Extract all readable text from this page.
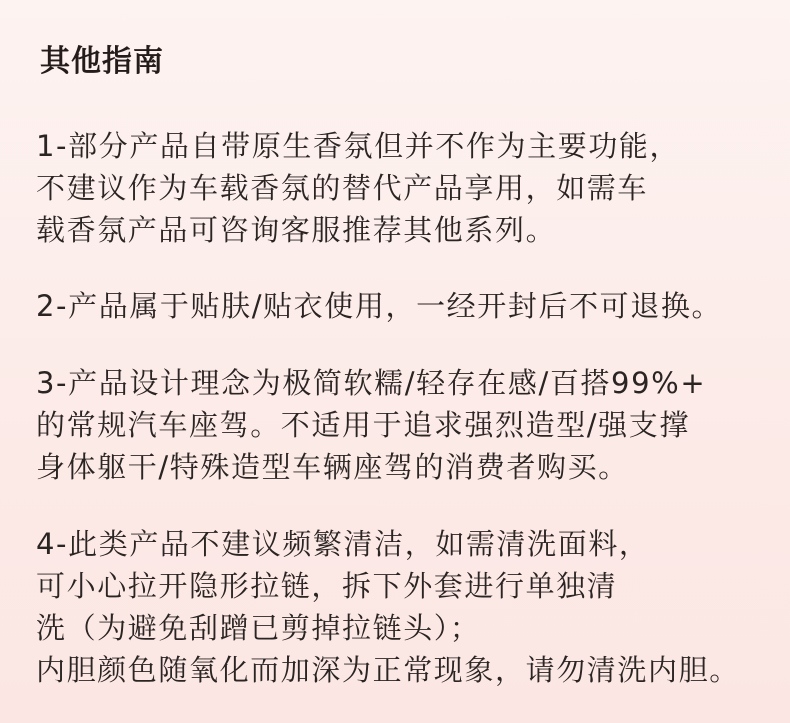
其他指南
1-部分产品自带原生香氛但并不作为主要功能，
不建议作为车载香氛的替代产品享用，如需车
载香氛产品可咨询客服推荐其他系列。
2-产品属于贴肤/贴衣使用，一经开封后不可退换。
3-产品设计理念为极简软糯/轻存在感/百搭99%+
的常规汽车座驾。不适用于追求强烈造型/强支撑
身体躯干/特殊造型车辆座驾的消费者购买。
4-此类产品不建议频繁清洁，如需清洗面料，
可小心拉开隐形拉链，拆下外套进行单独清
洗（为避免刮蹭已剪掉拉链头）；
内胆颜色随氧化而加深为正常现象，请勿清洗内胆。
